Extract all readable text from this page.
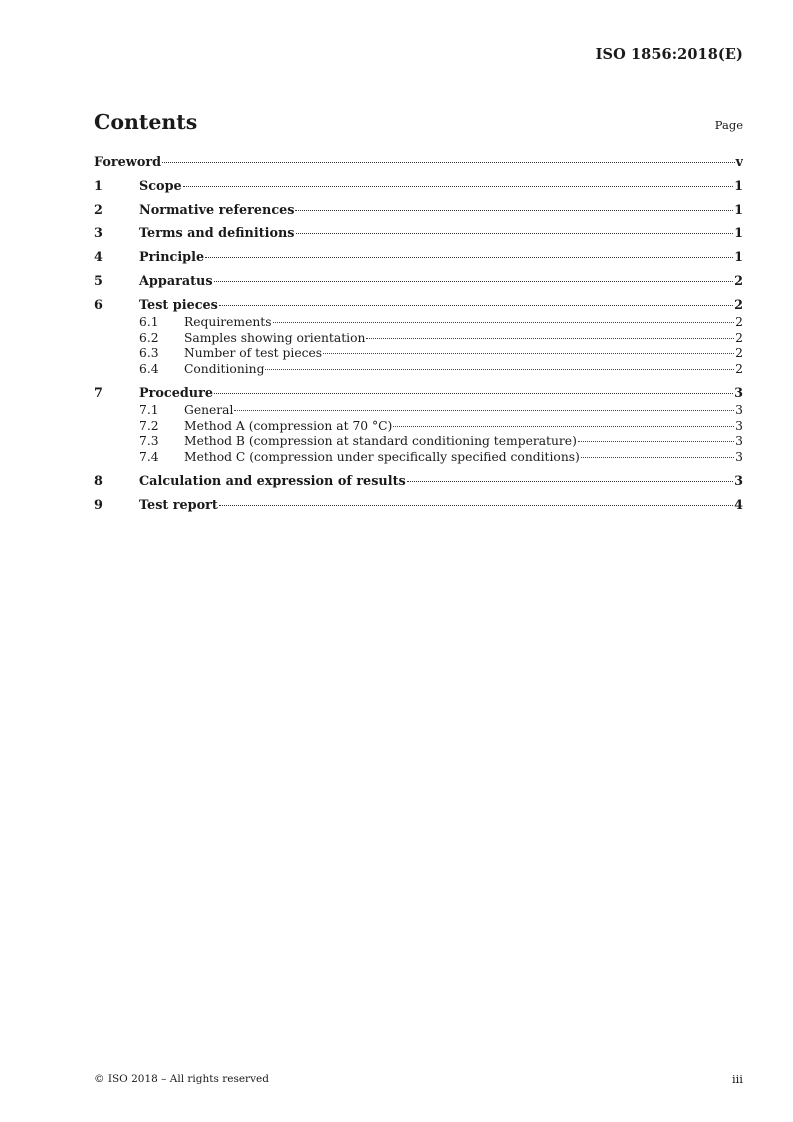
ISO 1856:2018(E)
Contents	Page
Foreword	v
1	Scope	1
2	Normative references	1
3	Terms and definitions	1
4	Principle	1
5	Apparatus	2
6	Test pieces	2
6.1	Requirements	2
6.2	Samples showing orientation	2
6.3	Number of test pieces	2
6.4	Conditioning	2
7	Procedure	3
7.1	General	3
7.2	Method A (compression at 70 °C)	3
7.3	Method B (compression at standard conditioning temperature)	3
7.4	Method C (compression under specifically specified conditions)	3
8	Calculation and expression of results	3
9	Test report	4
© ISO 2018 – All rights reserved	iii
